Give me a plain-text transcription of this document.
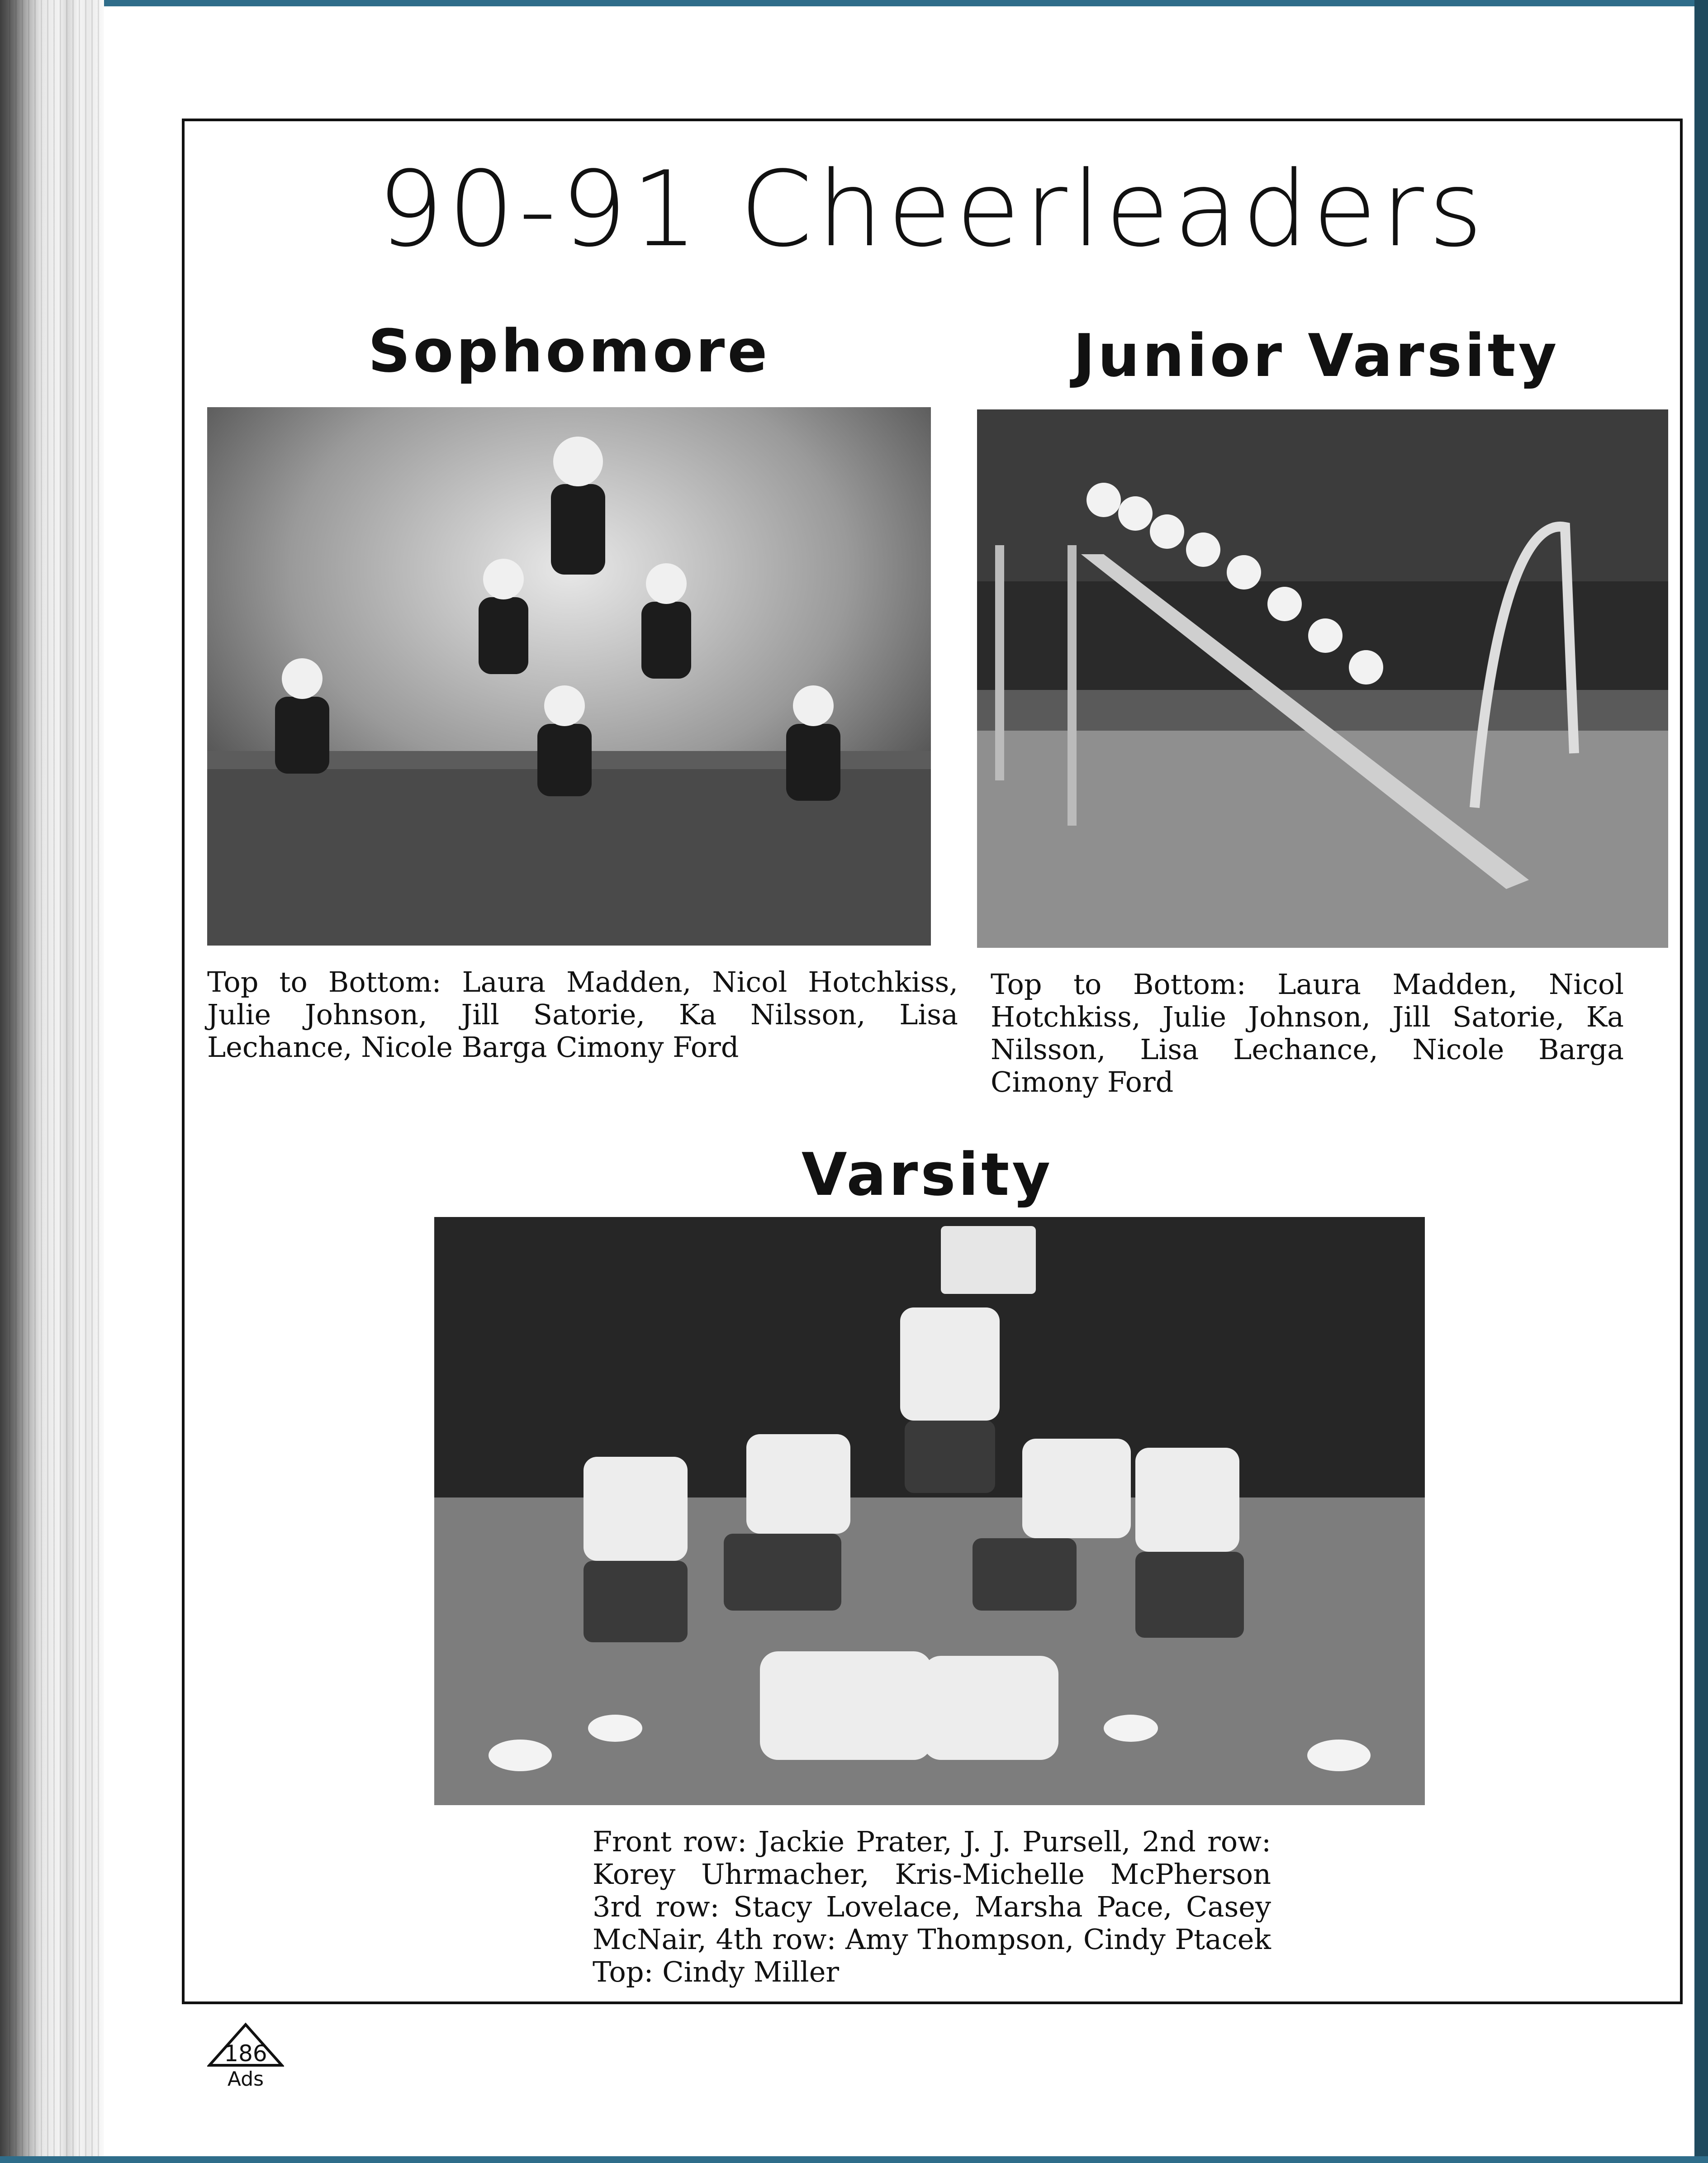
90-91 Cheerleaders
Sophomore

Top to Bottom: Laura Madden, Nicol Hotchkiss, Julie Johnson, Jill Satorie, Ka Nilsson, Lisa Lechance, Nicole Barga Cimony Ford

Junior Varsity

Top to Bottom: Laura Madden, Nicol Hotchkiss, Julie Johnson, Jill Satorie, Ka Nilsson, Lisa Lechance, Nicole Barga Cimony Ford

Varsity

Front row: Jackie Prater, J. J. Pursell, 2nd row: Korey Uhrmacher, Kris-Michelle McPherson 3rd row: Stacy Lovelace, Marsha Pace, Casey McNair, 4th row: Amy Thompson, Cindy Ptacek Top: Cindy Miller

186
Ads
